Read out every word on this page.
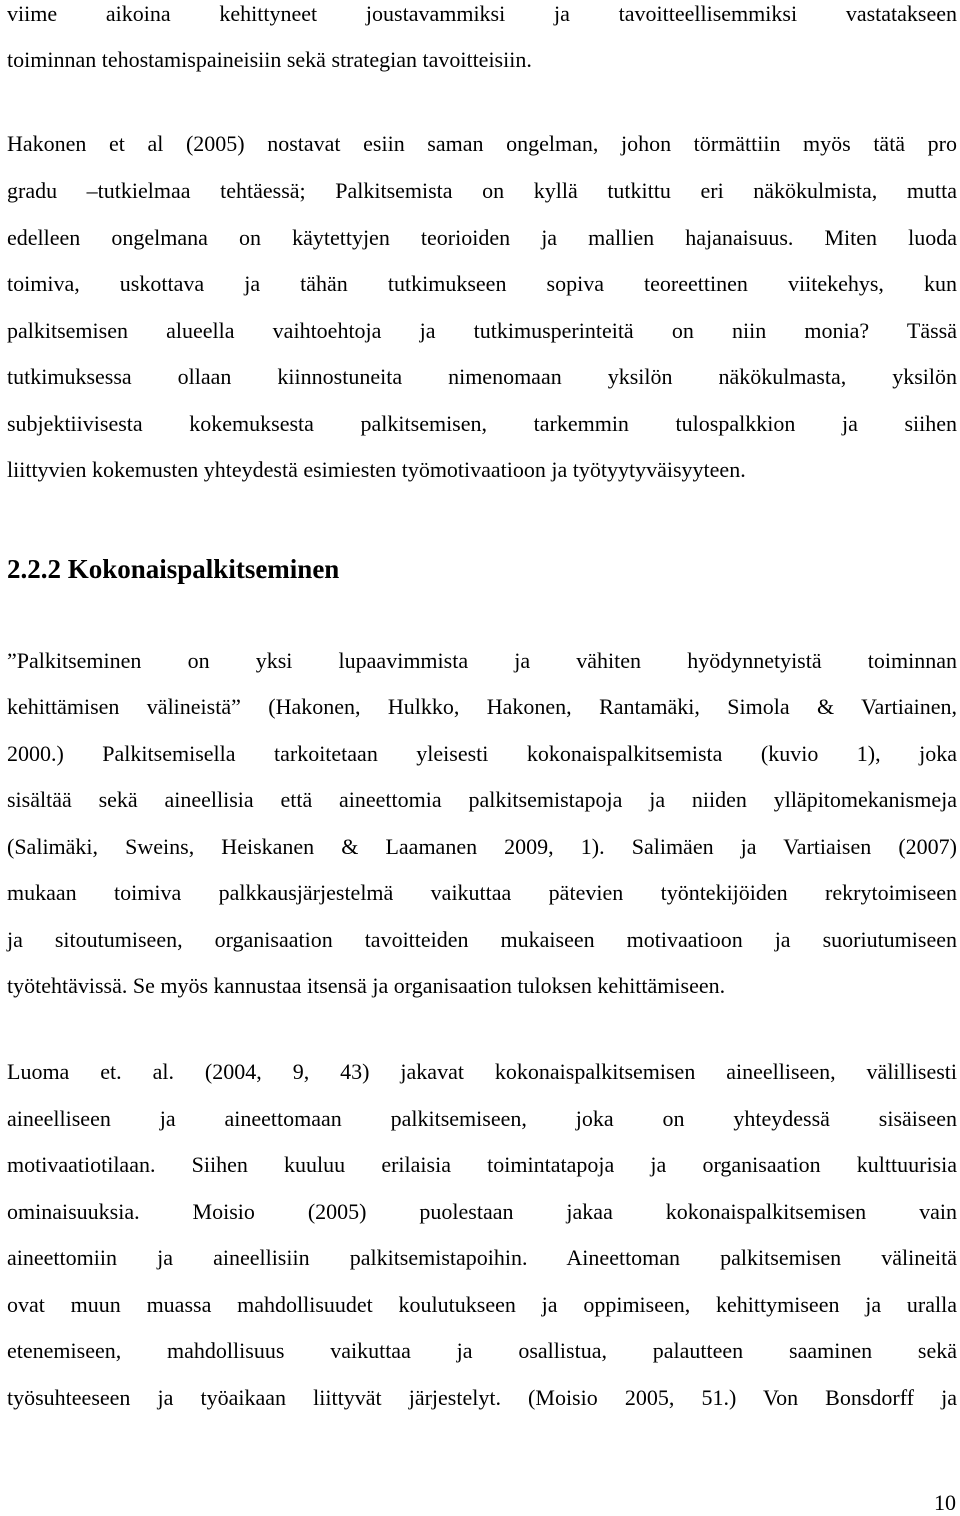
viime aikoina kehittyneet joustavammiksi ja tavoitteellisemmiksi vastatakseen
toiminnan tehostamispaineisiin sekä strategian tavoitteisiin.
Hakonen et al (2005) nostavat esiin saman ongelman, johon törmättiin myös tätä pro
gradu –tutkielmaa tehtäessä; Palkitsemista on kyllä tutkittu eri näkökulmista, mutta
edelleen ongelmana on käytettyjen teorioiden ja mallien hajanaisuus. Miten luoda
toimiva, uskottava ja tähän tutkimukseen sopiva teoreettinen viitekehys, kun
palkitsemisen alueella vaihtoehtoja ja tutkimusperinteitä on niin monia? Tässä
tutkimuksessa ollaan kiinnostuneita nimenomaan yksilön näkökulmasta, yksilön
subjektiivisesta kokemuksesta palkitsemisen, tarkemmin tulospalkkion ja siihen
liittyvien kokemusten yhteydestä esimiesten työmotivaatioon ja työtyytyväisyyteen.
2.2.2 Kokonaispalkitseminen
”Palkitseminen on yksi lupaavimmista ja vähiten hyödynnetyistä toiminnan
kehittämisen välineistä” (Hakonen, Hulkko, Hakonen, Rantamäki, Simola & Vartiainen,
2000.) Palkitsemisella tarkoitetaan yleisesti kokonaispalkitsemista (kuvio 1), joka
sisältää sekä aineellisia että aineettomia palkitsemistapoja ja niiden ylläpitomekanismeja
(Salimäki, Sweins, Heiskanen & Laamanen 2009, 1). Salimäen ja Vartiaisen (2007)
mukaan toimiva palkkausjärjestelmä vaikuttaa pätevien työntekijöiden rekrytoimiseen
ja sitoutumiseen, organisaation tavoitteiden mukaiseen motivaatioon ja suoriutumiseen
työtehtävissä. Se myös kannustaa itsensä ja organisaation tuloksen kehittämiseen.
Luoma et. al. (2004, 9, 43) jakavat kokonaispalkitsemisen aineelliseen, välillisesti
aineelliseen ja aineettomaan palkitsemiseen, joka on yhteydessä sisäiseen
motivaatiotilaan. Siihen kuuluu erilaisia toimintatapoja ja organisaation kulttuurisia
ominaisuuksia. Moisio (2005) puolestaan jakaa kokonaispalkitsemisen vain
aineettomiin ja aineellisiin palkitsemistapoihin. Aineettoman palkitsemisen välineitä
ovat muun muassa mahdollisuudet koulutukseen ja oppimiseen, kehittymiseen ja uralla
etenemiseen, mahdollisuus vaikuttaa ja osallistua, palautteen saaminen sekä
työsuhteeseen ja työaikaan liittyvät järjestelyt. (Moisio 2005, 51.) Von Bonsdorff ja
10
